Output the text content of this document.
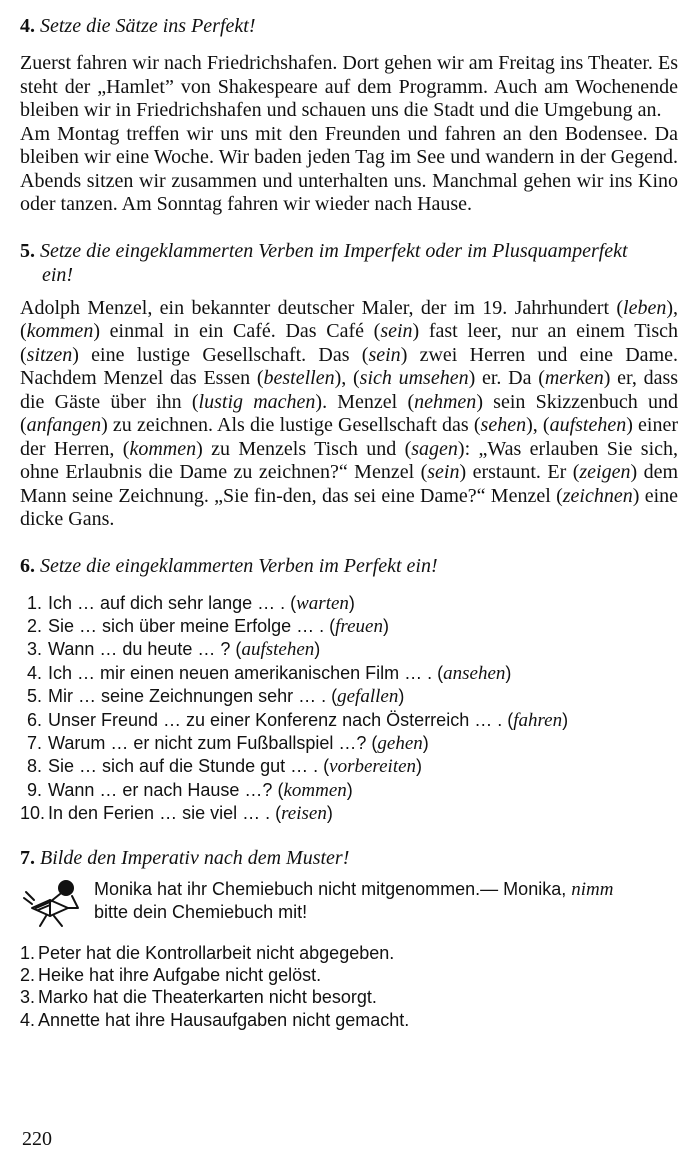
4. Setze die Sätze ins Perfekt!

Zuerst fahren wir nach Friedrichshafen. Dort gehen wir am Freitag ins Theater. Es steht der „Hamlet” von Shakespeare auf dem Programm. Auch am Wochenende bleiben wir in Friedrichshafen und schauen uns die Stadt und die Umgebung an.

Am Montag treffen wir uns mit den Freunden und fahren an den Bodensee. Da bleiben wir eine Woche. Wir baden jeden Tag im See und wandern in der Gegend. Abends sitzen wir zusammen und unterhalten uns. Manchmal gehen wir ins Kino oder tanzen. Am Sonntag fahren wir wieder nach Hause.

5. Setze die eingeklammerten Verben im Imperfekt oder im Plusquamperfekt
ein!

Adolph Menzel, ein bekannter deutscher Maler, der im 19. Jahrhundert (leben), (kommen) einmal in ein Café. Das Café (sein) fast leer, nur an einem Tisch (sitzen) eine lustige Gesellschaft. Das (sein) zwei Herren und eine Dame. Nachdem Menzel das Essen (bestellen), (sich umsehen) er. Da (merken) er, dass die Gäste über ihn (lustig machen). Menzel (nehmen) sein Skizzenbuch und (anfangen) zu zeichnen. Als die lustige Gesellschaft das (sehen), (aufstehen) einer der Herren, (kommen) zu Menzels Tisch und (sagen): „Was erlauben Sie sich, ohne Erlaubnis die Dame zu zeichnen?“ Menzel (sein) erstaunt. Er (zeigen) dem Mann seine Zeichnung. „Sie fin-den, das sei eine Dame?“ Menzel (zeichnen) eine dicke Gans.

6. Setze die eingeklammerten Verben im Perfekt ein!

1. Ich … auf dich sehr lange … . (warten)
2. Sie … sich über meine Erfolge … . (freuen)
3. Wann … du heute … ? (aufstehen)
4. Ich … mir einen neuen amerikanischen Film … . (ansehen)
5. Mir … seine Zeichnungen sehr … . (gefallen)
6. Unser Freund … zu einer Konferenz nach Österreich … . (fahren)
7. Warum … er nicht zum Fußballspiel …? (gehen)
8. Sie … sich auf die Stunde gut … . (vorbereiten)
9. Wann … er nach Hause …? (kommen)
10. In den Ferien … sie viel … . (reisen)

7. Bilde den Imperativ nach dem Muster!

Monika hat ihr Chemiebuch nicht mitgenommen.— Monika, nimm
bitte dein Chemiebuch mit!
1. Peter hat die Kontrollarbeit nicht abgegeben.
2. Heike hat ihre Aufgabe nicht gelöst.
3. Marko hat die Theaterkarten nicht besorgt.
4. Annette hat ihre Hausaufgaben nicht gemacht.
220
